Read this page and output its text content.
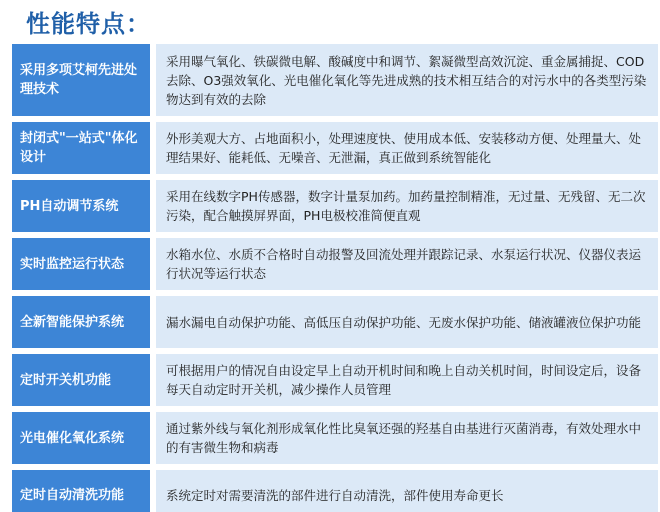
性能特点：
采用多项艾柯先进处理技术
采用曝气氧化、铁碳微电解、酸碱度中和调节、絮凝微型高效沉淀、重金属捕捉、COD去除、O3强效氧化、光电催化氧化等先进成熟的技术相互结合的对污水中的各类型污染物达到有效的去除
封闭式"一站式"体化设计
外形美观大方、占地面积小，处理速度快、使用成本低、安装移动方便、处理量大、处理结果好、能耗低、无噪音、无泄漏，真正做到系统智能化
PH自动调节系统
采用在线数字PH传感器，数字计量泵加药。加药量控制精准，无过量、无残留、无二次污染，配合触摸屏界面，PH电极校准简便直观
实时监控运行状态
水箱水位、水质不合格时自动报警及回流处理并跟踪记录、水泵运行状况、仪器仪表运行状况等运行状态
全新智能保护系统	漏水漏电自动保护功能、高低压自动保护功能、无废水保护功能、储液罐液位保护功能
定时开关机功能
可根据用户的情况自由设定早上自动开机时间和晚上自动关机时间，时间设定后，设备每天自动定时开关机，减少操作人员管理
光电催化氧化系统
通过紫外线与氧化剂形成氧化性比臭氧还强的羟基自由基进行灭菌消毒，有效处理水中的有害微生物和病毒
定时自动清洗功能	系统定时对需要清洗的部件进行自动清洗，部件使用寿命更长
